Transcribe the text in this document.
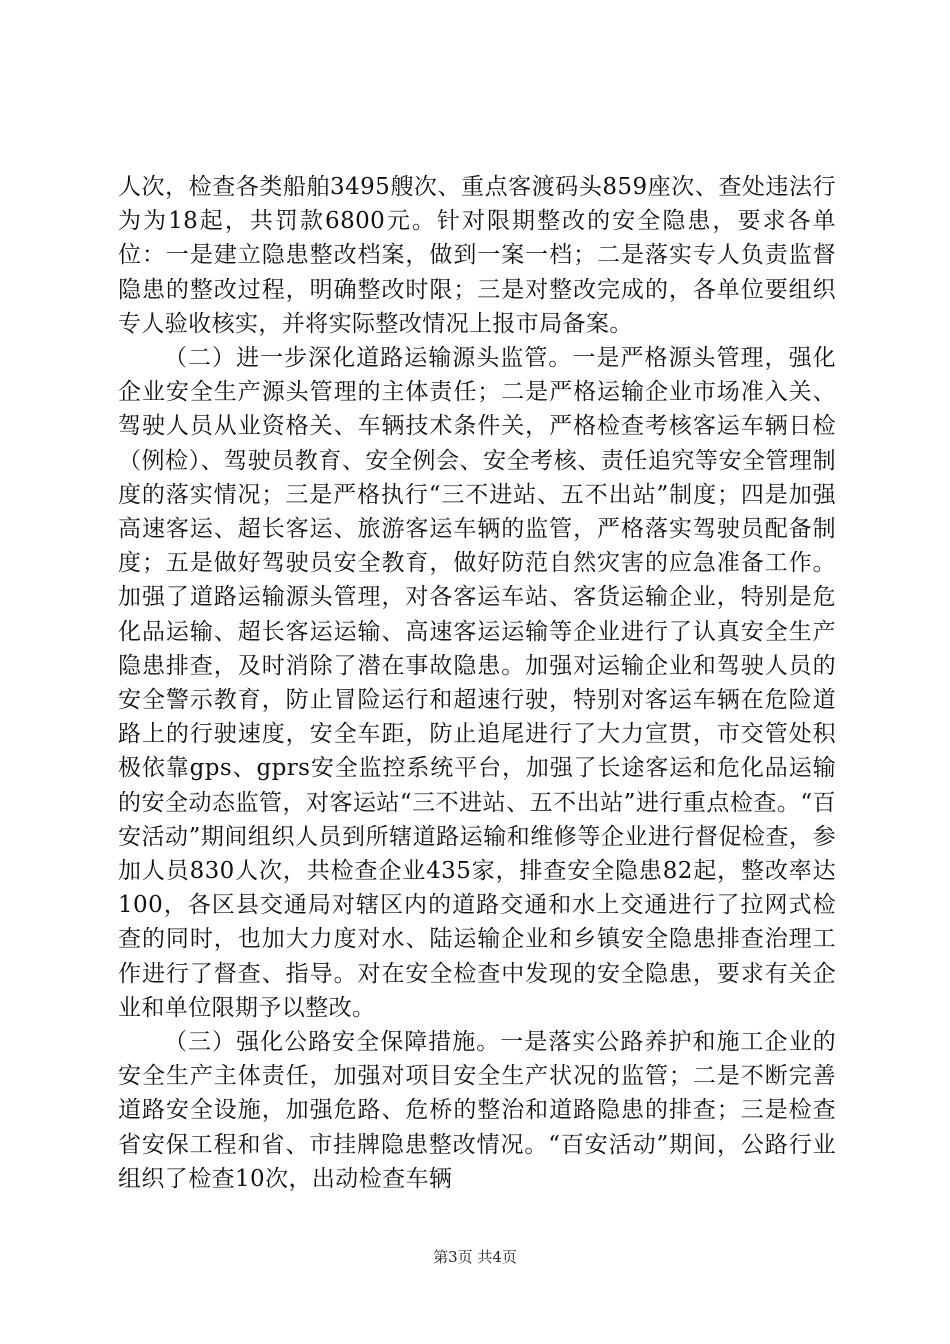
人次，检查各类船舶3495艘次、重点客渡码头859座次、查处违法行为为18起，共罚款6800元。针对限期整改的安全隐患，要求各单位：一是建立隐患整改档案，做到一案一档；二是落实专人负责监督隐患的整改过程，明确整改时限；三是对整改完成的，各单位要组织专人验收核实，并将实际整改情况上报市局备案。

（二）进一步深化道路运输源头监管。一是严格源头管理，强化企业安全生产源头管理的主体责任；二是严格运输企业市场准入关、驾驶人员从业资格关、车辆技术条件关，严格检查考核客运车辆日检（例检）、驾驶员教育、安全例会、安全考核、责任追究等安全管理制度的落实情况；三是严格执行“三不进站、五不出站”制度；四是加强高速客运、超长客运、旅游客运车辆的监管，严格落实驾驶员配备制度；五是做好驾驶员安全教育，做好防范自然灾害的应急准备工作。加强了道路运输源头管理，对各客运车站、客货运输企业，特别是危化品运输、超长客运运输、高速客运运输等企业进行了认真安全生产隐患排查，及时消除了潜在事故隐患。加强对运输企业和驾驶人员的安全警示教育，防止冒险运行和超速行驶，特别对客运车辆在危险道路上的行驶速度，安全车距，防止追尾进行了大力宣贯，市交管处积极依靠gps、gprs安全监控系统平台，加强了长途客运和危化品运输的安全动态监管，对客运站“三不进站、五不出站”进行重点检查。“百安活动”期间组织人员到所辖道路运输和维修等企业进行督促检查，参加人员830人次，共检查企业435家，排查安全隐患82起，整改率达100，各区县交通局对辖区内的道路交通和水上交通进行了拉网式检查的同时，也加大力度对水、陆运输企业和乡镇安全隐患排查治理工作进行了督查、指导。对在安全检查中发现的安全隐患，要求有关企业和单位限期予以整改。

（三）强化公路安全保障措施。一是落实公路养护和施工企业的安全生产主体责任，加强对项目安全生产状况的监管；二是不断完善道路安全设施，加强危路、危桥的整治和道路隐患的排查；三是检查省安保工程和省、市挂牌隐患整改情况。“百安活动”期间，公路行业组织了检查10次，出动检查车辆

第3页 共4页
